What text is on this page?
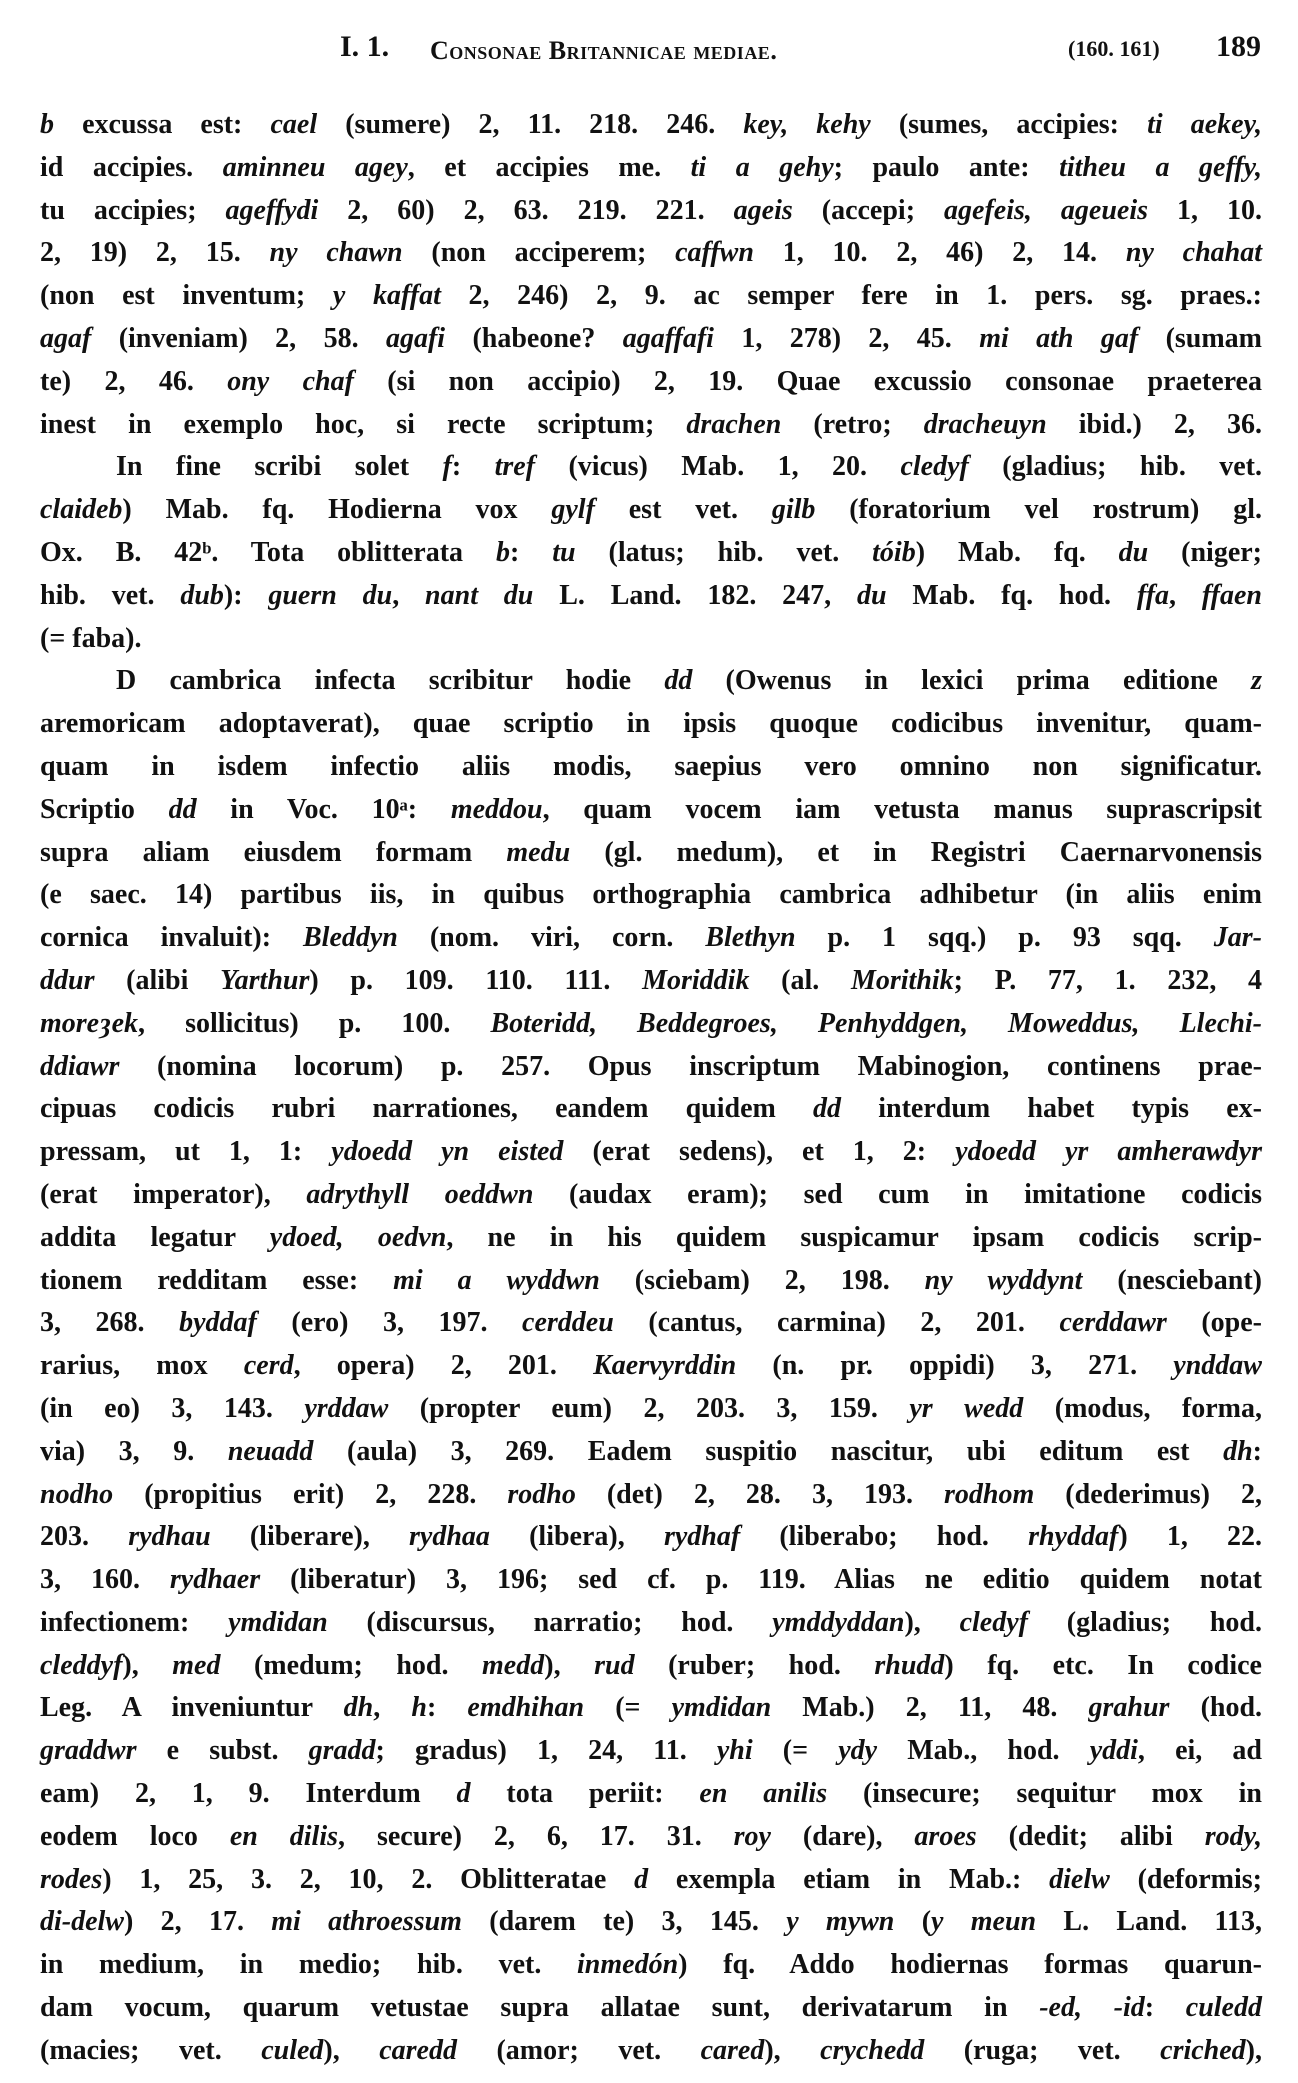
I. 1. Consonae Britannicae mediae.	(160. 161) 189
b excussa est: cael (sumere) 2, 11. 218. 246. key, kehy (sumes, accipies: ti aekey,
id accipies. aminneu agey, et accipies me. ti a gehy; paulo ante: titheu a geffy,
tu accipies; ageffydi 2, 60) 2, 63. 219. 221. ageis (accepi; agefeis, ageueis 1, 10.
2, 19) 2, 15. ny chawn (non acciperem; caffwn 1, 10. 2, 46) 2, 14. ny chahat
(non est inventum; y kaffat 2, 246) 2, 9. ac semper fere in 1. pers. sg. praes.:
agaf (inveniam) 2, 58. agafi (habeone? agaffafi 1, 278) 2, 45. mi ath gaf (sumam
te) 2, 46. ony chaf (si non accipio) 2, 19. Quae excussio consonae praeterea
inest in exemplo hoc, si recte scriptum; drachen (retro; dracheuyn ibid.) 2, 36.
In fine scribi solet f: tref (vicus) Mab. 1, 20. cledyf (gladius; hib. vet.
claideb) Mab. fq. Hodierna vox gylf est vet. gilb (foratorium vel rostrum) gl.
Ox. B. 42ᵇ. Tota oblitterata b: tu (latus; hib. vet. tóib) Mab. fq. du (niger;
hib. vet. dub): guern du, nant du L. Land. 182. 247, du Mab. fq. hod. ffa, ffaen
(= faba).
D cambrica infecta scribitur hodie dd (Owenus in lexici prima editione z
aremoricam adoptaverat), quae scriptio in ipsis quoque codicibus invenitur, quam-
quam in isdem infectio aliis modis, saepius vero omnino non significatur.
Scriptio dd in Voc. 10ᵃ: meddou, quam vocem iam vetusta manus suprascripsit
supra aliam eiusdem formam medu (gl. medum), et in Registri Caernarvonensis
(e saec. 14) partibus iis, in quibus orthographia cambrica adhibetur (in aliis enim
cornica invaluit): Bleddyn (nom. viri, corn. Blethyn p. 1 sqq.) p. 93 sqq. Jar-
ddur (alibi Yarthur) p. 109. 110. 111. Moriddik (al. Morithik; P. 77, 1. 232, 4
moreȝek, sollicitus) p. 100. Boteridd, Beddegroes, Penhyddgen, Moweddus, Llechi-
ddiawr (nomina locorum) p. 257. Opus inscriptum Mabinogion, continens prae-
cipuas codicis rubri narrationes, eandem quidem dd interdum habet typis ex-
pressam, ut 1, 1: ydoedd yn eisted (erat sedens), et 1, 2: ydoedd yr amherawdyr
(erat imperator), adrythyll oeddwn (audax eram); sed cum in imitatione codicis
addita legatur ydoed, oedvn, ne in his quidem suspicamur ipsam codicis scrip-
tionem redditam esse: mi a wyddwn (sciebam) 2, 198. ny wyddynt (nesciebant)
3, 268. byddaf (ero) 3, 197. cerddeu (cantus, carmina) 2, 201. cerddawr (ope-
rarius, mox cerd, opera) 2, 201. Kaervyrddin (n. pr. oppidi) 3, 271. ynddaw
(in eo) 3, 143. yrddaw (propter eum) 2, 203. 3, 159. yr wedd (modus, forma,
via) 3, 9. neuadd (aula) 3, 269. Eadem suspitio nascitur, ubi editum est dh:
nodho (propitius erit) 2, 228. rodho (det) 2, 28. 3, 193. rodhom (dederimus) 2,
203. rydhau (liberare), rydhaa (libera), rydhaf (liberabo; hod. rhyddaf) 1, 22.
3, 160. rydhaer (liberatur) 3, 196; sed cf. p. 119. Alias ne editio quidem notat
infectionem: ymdidan (discursus, narratio; hod. ymddyddan), cledyf (gladius; hod.
cleddyf), med (medum; hod. medd), rud (ruber; hod. rhudd) fq. etc. In codice
Leg. A inveniuntur dh, h: emdhihan (= ymdidan Mab.) 2, 11, 48. grahur (hod.
graddwr e subst. gradd; gradus) 1, 24, 11. yhi (= ydy Mab., hod. yddi, ei, ad
eam) 2, 1, 9. Interdum d tota periit: en anilis (insecure; sequitur mox in
eodem loco en dilis, secure) 2, 6, 17. 31. roy (dare), aroes (dedit; alibi rody,
rodes) 1, 25, 3. 2, 10, 2. Oblitteratae d exempla etiam in Mab.: dielw (deformis;
di-delw) 2, 17. mi athroessum (darem te) 3, 145. y mywn (y meun L. Land. 113,
in medium, in medio; hib. vet. inmedón) fq. Addo hodiernas formas quarun-
dam vocum, quarum vetustae supra allatae sunt, derivatarum in -ed, -id: culedd
(macies; vet. culed), caredd (amor; vet. cared), crychedd (ruga; vet. criched),
